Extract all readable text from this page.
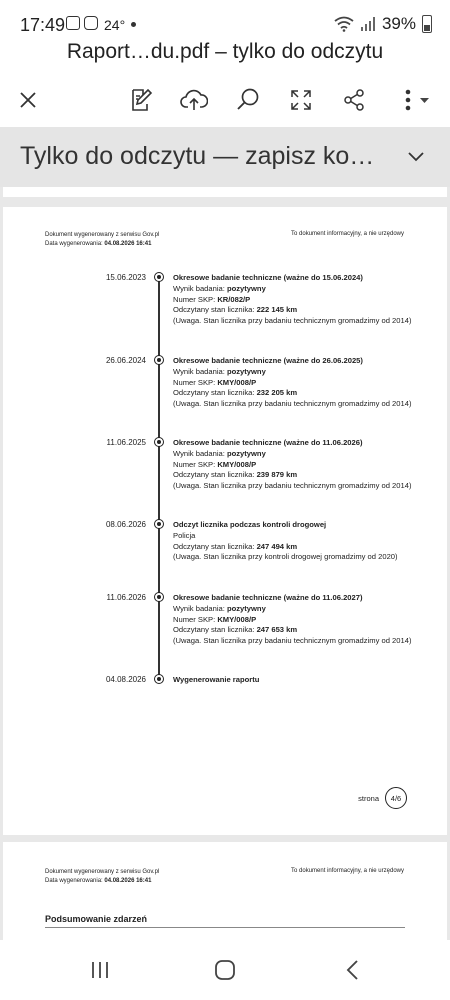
17:49	24°	39%
Raport…du.pdf – tylko do odczytu
Tylko do odczytu — zapisz ko…
Dokument wygenerowany z serwisu Gov.pl
Data wygenerowania: 04.08.2026 16:41
To dokument informacyjny, a nie urzędowy
15.06.2023	Okresowe badanie techniczne (ważne do 15.06.2024)
Wynik badania: pozytywny
Numer SKP: KR/082/P
Odczytany stan licznika: 222 145 km
(Uwaga. Stan licznika przy badaniu technicznym gromadzimy od 2014)
26.06.2024	Okresowe badanie techniczne (ważne do 26.06.2025)
Wynik badania: pozytywny
Numer SKP: KMY/008/P
Odczytany stan licznika: 232 205 km
(Uwaga. Stan licznika przy badaniu technicznym gromadzimy od 2014)
11.06.2025	Okresowe badanie techniczne (ważne do 11.06.2026)
Wynik badania: pozytywny
Numer SKP: KMY/008/P
Odczytany stan licznika: 239 879 km
(Uwaga. Stan licznika przy badaniu technicznym gromadzimy od 2014)
08.06.2026	Odczyt licznika podczas kontroli drogowej
Policja
Odczytany stan licznika: 247 494 km
(Uwaga. Stan licznika przy kontroli drogowej gromadzimy od 2020)
11.06.2026	Okresowe badanie techniczne (ważne do 11.06.2027)
Wynik badania: pozytywny
Numer SKP: KMY/008/P
Odczytany stan licznika: 247 653 km
(Uwaga. Stan licznika przy badaniu technicznym gromadzimy od 2014)
04.08.2026	Wygenerowanie raportu
strona	4/6
Dokument wygenerowany z serwisu Gov.pl
Data wygenerowania: 04.08.2026 16:41
To dokument informacyjny, a nie urzędowy
Podsumowanie zdarzeń
